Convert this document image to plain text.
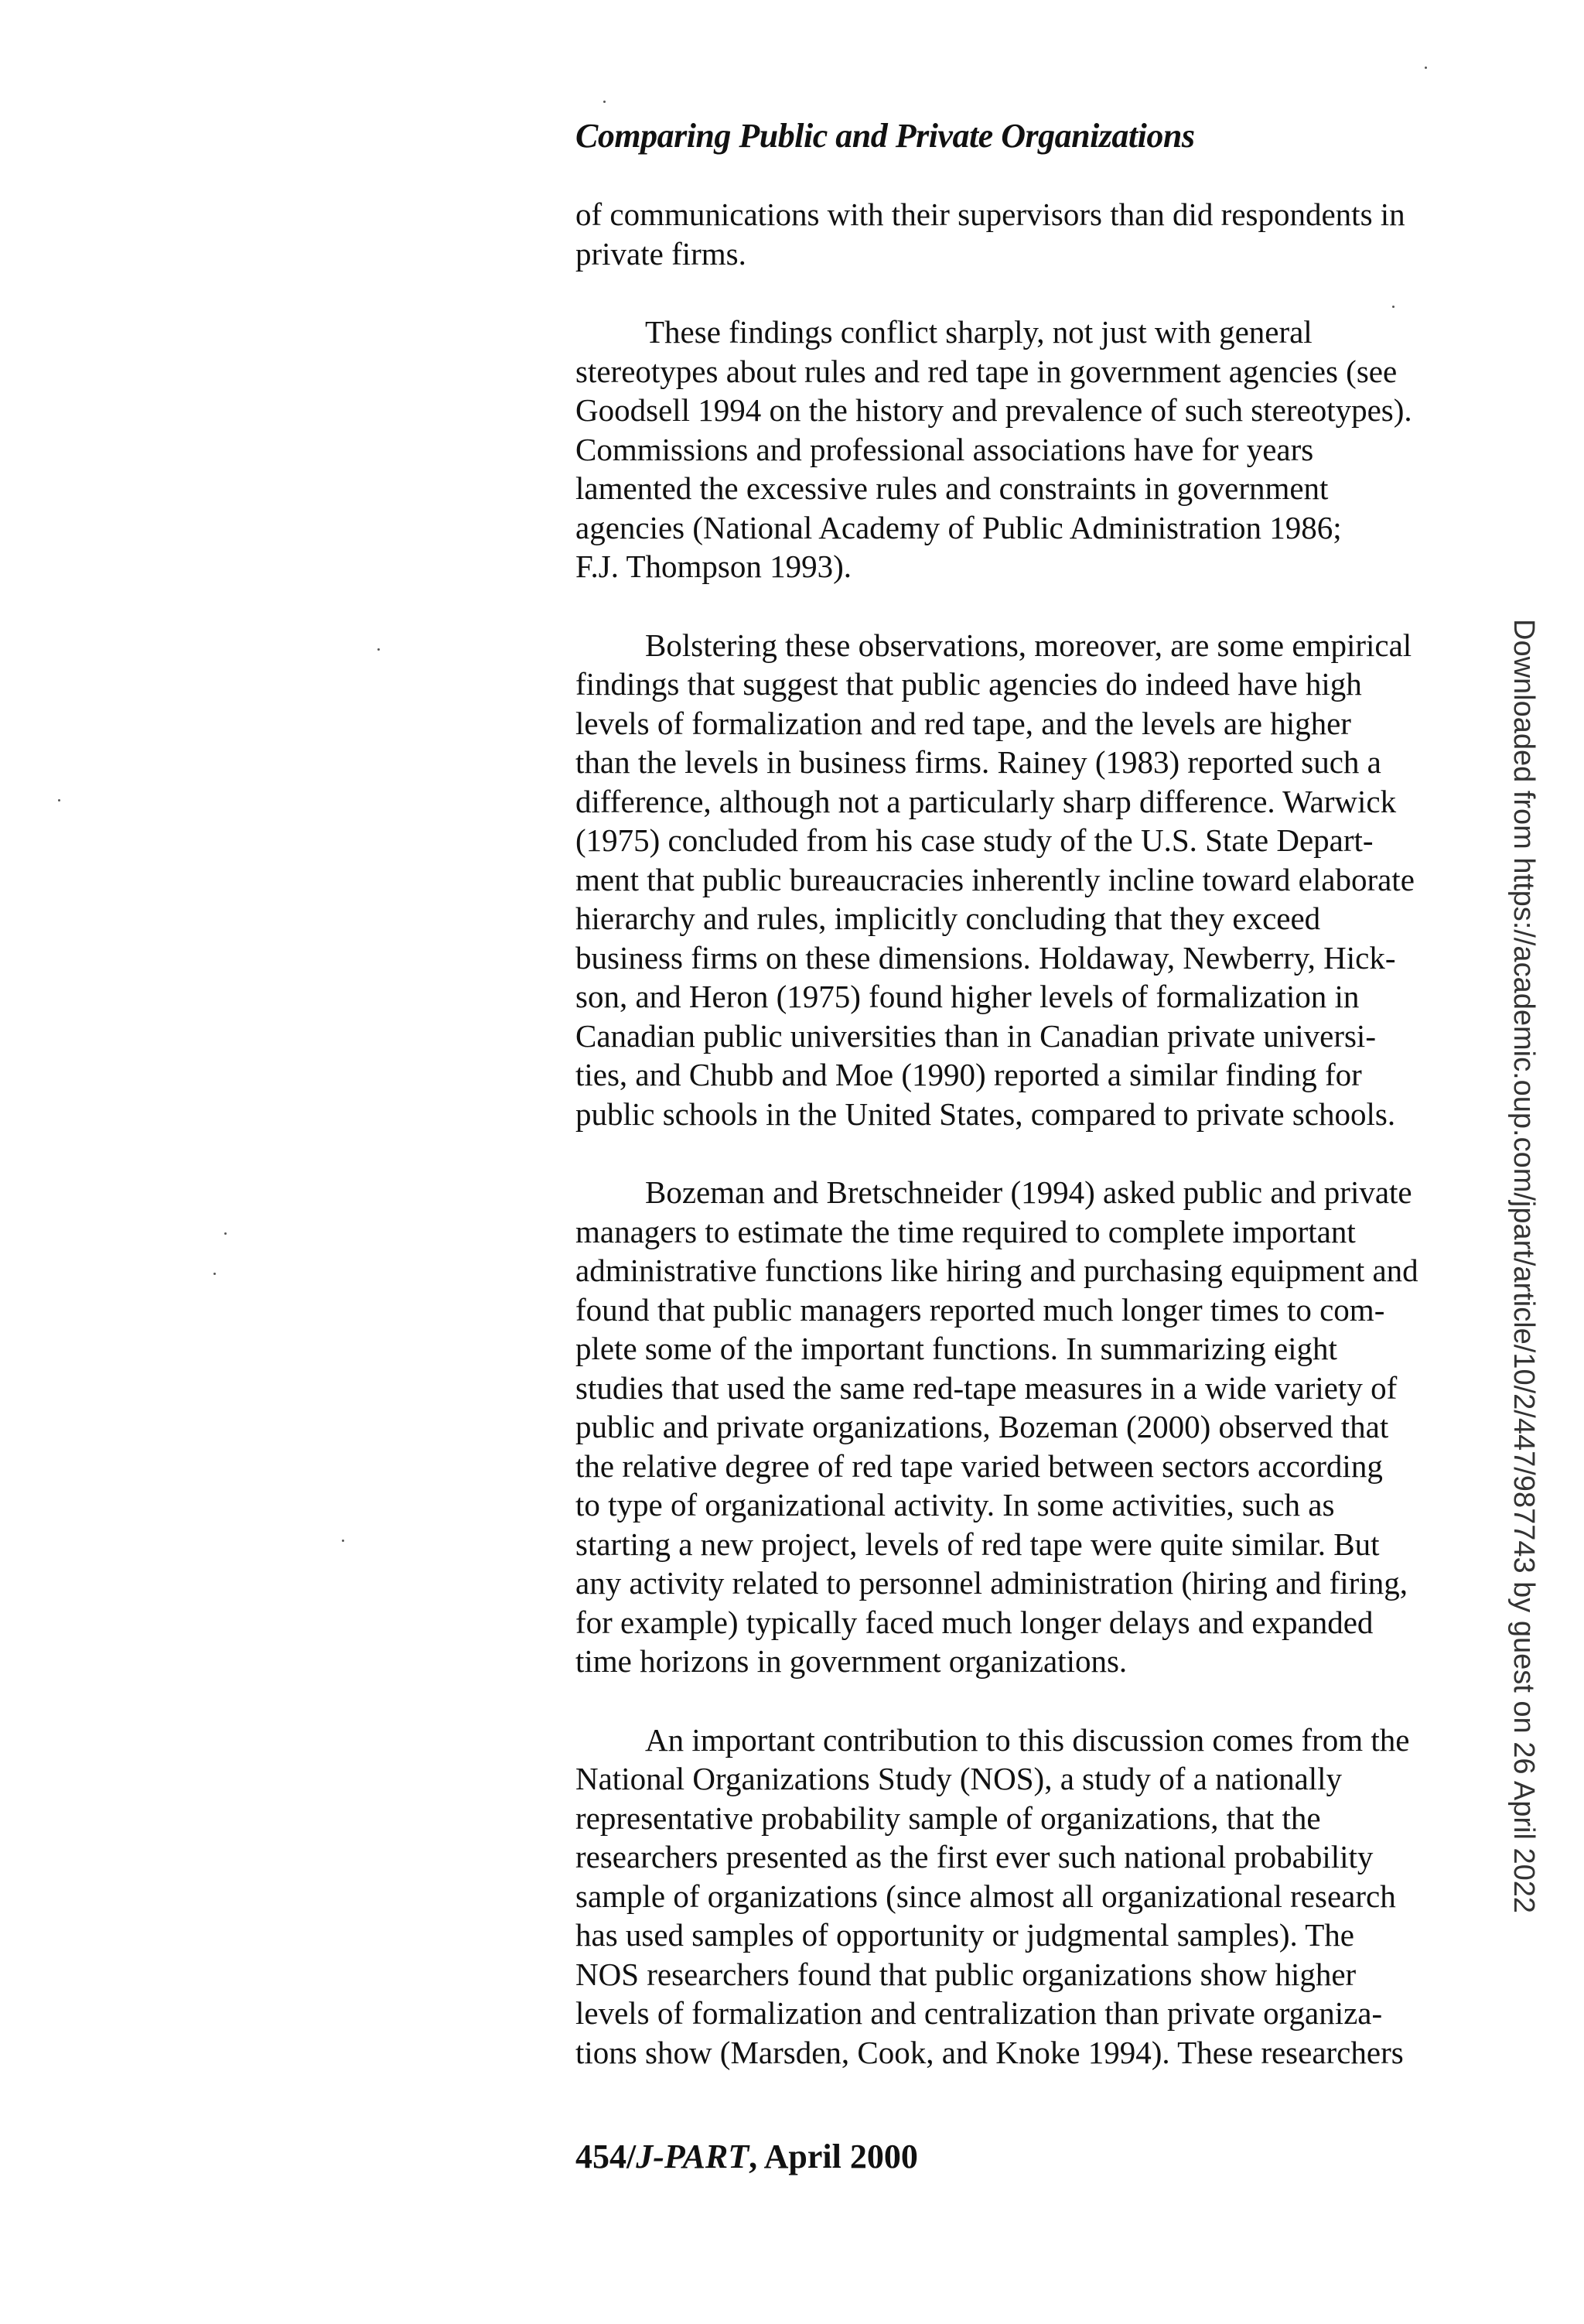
Comparing Public and Private Organizations

of communications with their supervisors than did respondents in
private firms.

These findings conflict sharply, not just with general
stereotypes about rules and red tape in government agencies (see
Goodsell 1994 on the history and prevalence of such stereotypes).
Commissions and professional associations have for years
lamented the excessive rules and constraints in government
agencies (National Academy of Public Administration 1986;
F.J. Thompson 1993).

Bolstering these observations, moreover, are some empirical
findings that suggest that public agencies do indeed have high
levels of formalization and red tape, and the levels are higher
than the levels in business firms. Rainey (1983) reported such a
difference, although not a particularly sharp difference. Warwick
(1975) concluded from his case study of the U.S. State Depart-
ment that public bureaucracies inherently incline toward elaborate
hierarchy and rules, implicitly concluding that they exceed
business firms on these dimensions. Holdaway, Newberry, Hick-
son, and Heron (1975) found higher levels of formalization in
Canadian public universities than in Canadian private universi-
ties, and Chubb and Moe (1990) reported a similar finding for
public schools in the United States, compared to private schools.

Bozeman and Bretschneider (1994) asked public and private
managers to estimate the time required to complete important
administrative functions like hiring and purchasing equipment and
found that public managers reported much longer times to com-
plete some of the important functions. In summarizing eight
studies that used the same red-tape measures in a wide variety of
public and private organizations, Bozeman (2000) observed that
the relative degree of red tape varied between sectors according
to type of organizational activity. In some activities, such as
starting a new project, levels of red tape were quite similar. But
any activity related to personnel administration (hiring and firing,
for example) typically faced much longer delays and expanded
time horizons in government organizations.

An important contribution to this discussion comes from the
National Organizations Study (NOS), a study of a nationally
representative probability sample of organizations, that the
researchers presented as the first ever such national probability
sample of organizations (since almost all organizational research
has used samples of opportunity or judgmental samples). The
NOS researchers found that public organizations show higher
levels of formalization and centralization than private organiza-
tions show (Marsden, Cook, and Knoke 1994). These researchers

454/J-PART, April 2000
Downloaded from https://academic.oup.com/jpart/article/10/2/447/987743 by guest on 26 April 2022
